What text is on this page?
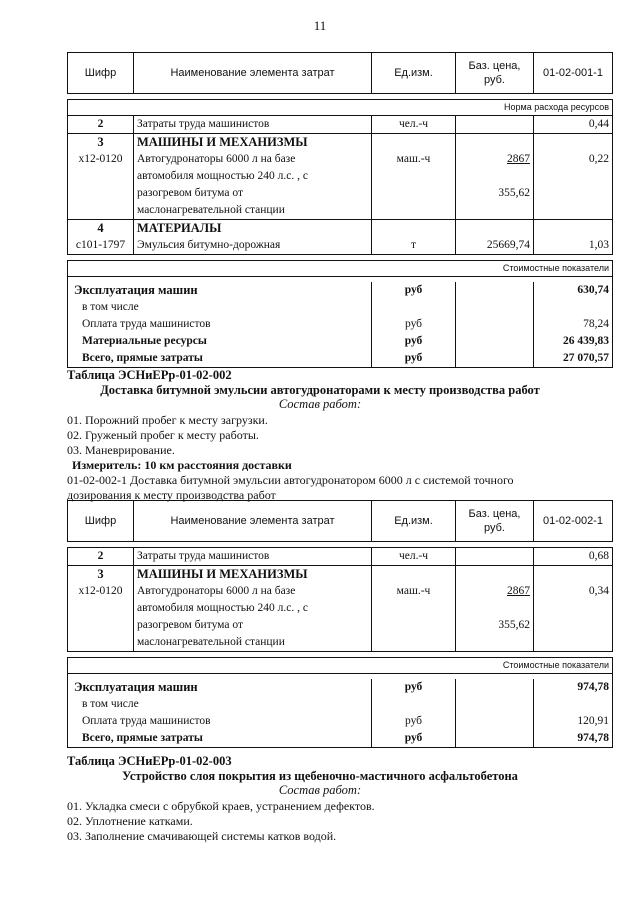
11
Шифр	Наименование элемента затрат	Ед.изм.	Баз. цена,
руб.	01-02-001-1

Норма расхода ресурсов				
2	Затраты труда машинистов	чел.-ч		0,44
3	МАШИНЫ И МЕХАНИЗМЫ			
х12-0120	Автогудронаторы 6000 л на базе	маш.-ч	2867	0,22
	автомобиля мощностью 240 л.с. , с			
	разогревом битума от		355,62	
	маслонагревательной станции			
4	МАТЕРИАЛЫ			
с101-1797	Эмульсия битумно-дорожная	т	25669,74	1,03

Стоимостные показатели				

Эксплуатация машин		руб		630,74
в том числе				
Оплата труда машинистов		руб		78,24
Материальные ресурсы		руб		26 439,83
Всего, прямые затраты		руб		27 070,57
Таблица ЭСНиЕРр-01-02-002
Доставка битумной эмульсии автогудронаторами к месту производства работ
Состав работ:
01. Порожний пробег к месту загрузки.
02. Груженый пробег к месту работы.
03. Маневрирование.
Измеритель: 10 км расстояния доставки
01-02-002-1 Доставка битумной эмульсии автогудронатором 6000 л с системой точного
дозирования к месту производства работ
Шифр	Наименование элемента затрат	Ед.изм.	Баз. цена,
руб.	01-02-002-1

2	Затраты труда машинистов	чел.-ч		0,68
3	МАШИНЫ И МЕХАНИЗМЫ			
х12-0120	Автогудронаторы 6000 л на базе	маш.-ч	2867	0,34
	автомобиля мощностью 240 л.с. , с			
	разогревом битума от		355,62	
	маслонагревательной станции			

Стоимостные показатели				

Эксплуатация машин		руб		974,78
в том числе				
Оплата труда машинистов		руб		120,91
Всего, прямые затраты		руб		974,78
Таблица ЭСНиЕРр-01-02-003
Устройство слоя покрытия из щебеночно-мастичного асфальтобетона
Состав работ:
01. Укладка смеси с обрубкой краев, устранением дефектов.
02. Уплотнение катками.
03. Заполнение смачивающей системы катков водой.
